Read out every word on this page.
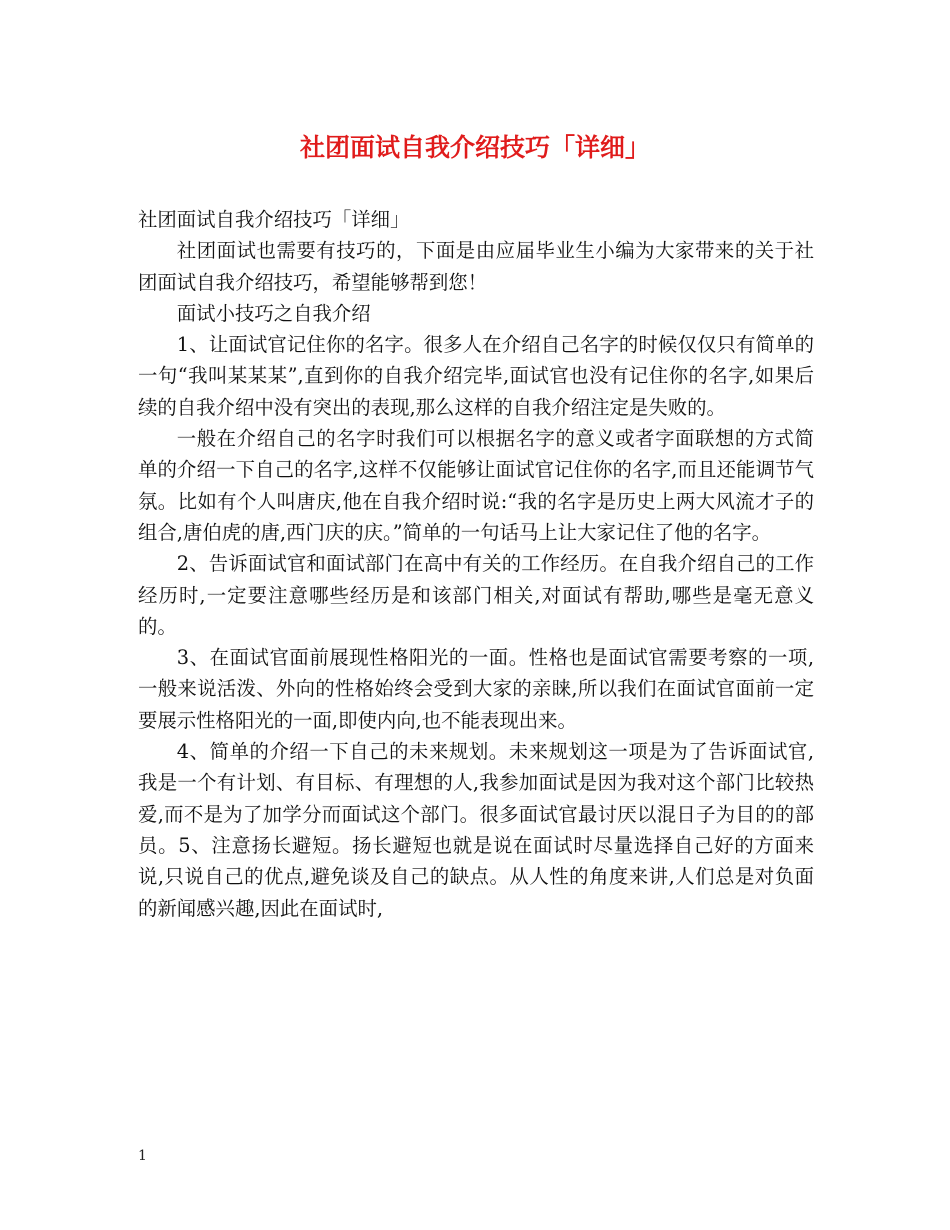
社团面试自我介绍技巧「详细」

社团面试自我介绍技巧「详细」

社团面试也需要有技巧的，下面是由应届毕业生小编为大家带来的关于社团面试自我介绍技巧，希望能够帮到您！

面试小技巧之自我介绍

1、让面试官记住你的名字。很多人在介绍自己名字的时候仅仅只有简单的一句“我叫某某某”,直到你的自我介绍完毕,面试官也没有记住你的名字,如果后续的自我介绍中没有突出的表现,那么这样的自我介绍注定是失败的。

一般在介绍自己的名字时我们可以根据名字的意义或者字面联想的方式简单的介绍一下自己的名字,这样不仅能够让面试官记住你的名字,而且还能调节气氛。比如有个人叫唐庆,他在自我介绍时说:“我的名字是历史上两大风流才子的组合,唐伯虎的唐,西门庆的庆。”简单的一句话马上让大家记住了他的名字。

2、告诉面试官和面试部门在高中有关的工作经历。在自我介绍自己的工作经历时,一定要注意哪些经历是和该部门相关,对面试有帮助,哪些是毫无意义的。

3、在面试官面前展现性格阳光的一面。性格也是面试官需要考察的一项,一般来说活泼、外向的性格始终会受到大家的亲睐,所以我们在面试官面前一定要展示性格阳光的一面,即使内向,也不能表现出来。

4、简单的介绍一下自己的未来规划。未来规划这一项是为了告诉面试官,我是一个有计划、有目标、有理想的人,我参加面试是因为我对这个部门比较热爱,而不是为了加学分而面试这个部门。很多面试官最讨厌以混日子为目的的部员。5、注意扬长避短。扬长避短也就是说在面试时尽量选择自己好的方面来说,只说自己的优点,避免谈及自己的缺点。从人性的角度来讲,人们总是对负面的新闻感兴趣,因此在面试时,

1
